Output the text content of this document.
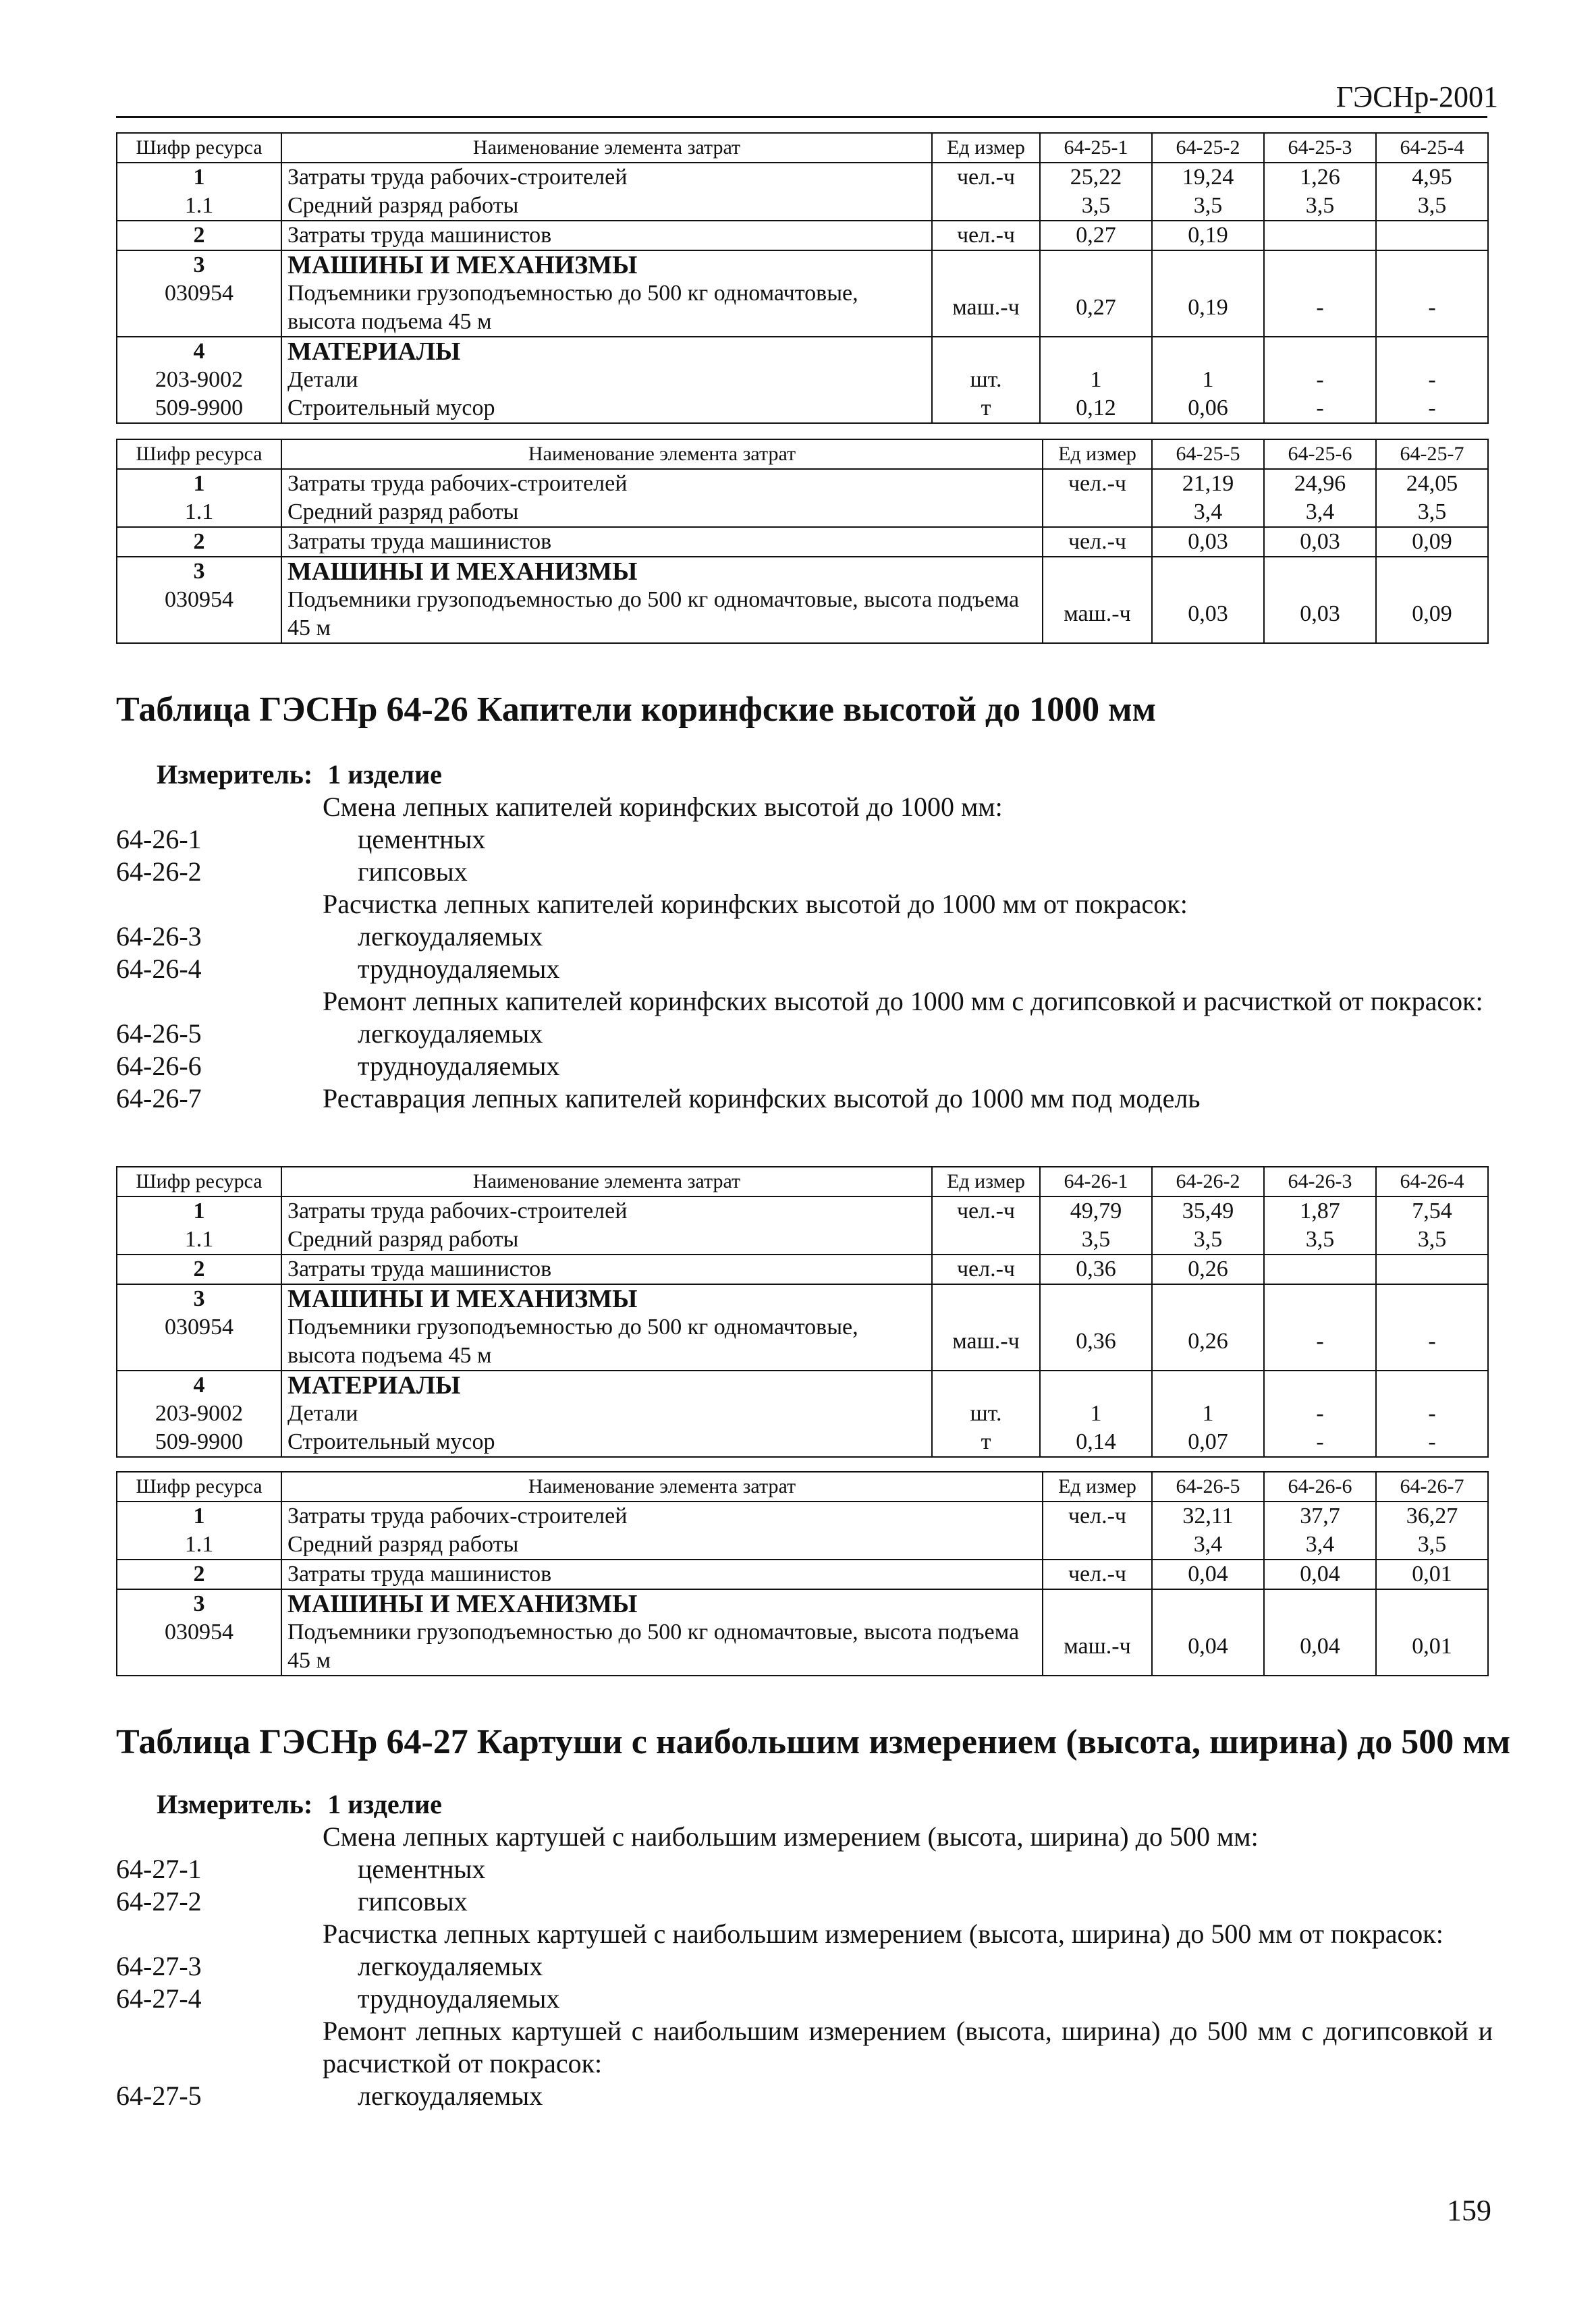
ГЭСНр-2001
Шифр ресурса	Наименование элемента затрат	Ед измер	64-25-1	64-25-2	64-25-3	64-25-4
1	Затраты труда рабочих-строителей	чел.-ч	25,22	19,24	1,26	4,95
1.1	Средний разряд работы		3,5	3,5	3,5	3,5
2	Затраты труда машинистов	чел.-ч	0,27	0,19		
3	МАШИНЫ И МЕХАНИЗМЫ					
030954	Подъемники грузоподъемностью до 500 кг одномачтовые, высота подъема 45 м	маш.-ч	0,27	0,19	-	-
4	МАТЕРИАЛЫ					
203-9002	Детали	шт.	1	1	-	-
509-9900	Строительный мусор	т	0,12	0,06	-	-
Шифр ресурса	Наименование элемента затрат	Ед измер	64-25-5	64-25-6	64-25-7
1	Затраты труда рабочих-строителей	чел.-ч	21,19	24,96	24,05
1.1	Средний разряд работы		3,4	3,4	3,5
2	Затраты труда машинистов	чел.-ч	0,03	0,03	0,09
3	МАШИНЫ И МЕХАНИЗМЫ				
030954	Подъемники грузоподъемностью до 500 кг одномачтовые, высота подъема 45 м	маш.-ч	0,03	0,03	0,09
Таблица ГЭСНр 64-26 Капители коринфские высотой до 1000 мм
Измеритель: 1 изделие
Смена лепных капителей коринфских высотой до 1000 мм:
64-26-1	цементных
64-26-2	гипсовых
Расчистка лепных капителей коринфских высотой до 1000 мм от покрасок:
64-26-3	легкоудаляемых
64-26-4	трудноудаляемых
Ремонт лепных капителей коринфских высотой до 1000 мм с догипсовкой и расчисткой от покрасок:
64-26-5	легкоудаляемых
64-26-6	трудноудаляемых
64-26-7	Реставрация лепных капителей коринфских высотой до 1000 мм под модель
Шифр ресурса	Наименование элемента затрат	Ед измер	64-26-1	64-26-2	64-26-3	64-26-4
1	Затраты труда рабочих-строителей	чел.-ч	49,79	35,49	1,87	7,54
1.1	Средний разряд работы		3,5	3,5	3,5	3,5
2	Затраты труда машинистов	чел.-ч	0,36	0,26		
3	МАШИНЫ И МЕХАНИЗМЫ					
030954	Подъемники грузоподъемностью до 500 кг одномачтовые, высота подъема 45 м	маш.-ч	0,36	0,26	-	-
4	МАТЕРИАЛЫ					
203-9002	Детали	шт.	1	1	-	-
509-9900	Строительный мусор	т	0,14	0,07	-	-
Шифр ресурса	Наименование элемента затрат	Ед измер	64-26-5	64-26-6	64-26-7
1	Затраты труда рабочих-строителей	чел.-ч	32,11	37,7	36,27
1.1	Средний разряд работы		3,4	3,4	3,5
2	Затраты труда машинистов	чел.-ч	0,04	0,04	0,01
3	МАШИНЫ И МЕХАНИЗМЫ				
030954	Подъемники грузоподъемностью до 500 кг одномачтовые, высота подъема 45 м	маш.-ч	0,04	0,04	0,01
Таблица ГЭСНр 64-27 Картуши с наибольшим измерением (высота, ширина) до 500 мм
Измеритель: 1 изделие
Смена лепных картушей с наибольшим измерением (высота, ширина) до 500 мм:
64-27-1	цементных
64-27-2	гипсовых
Расчистка лепных картушей с наибольшим измерением (высота, ширина) до 500 мм от покрасок:
64-27-3	легкоудаляемых
64-27-4	трудноудаляемых
Ремонт лепных картушей с наибольшим измерением (высота, ширина) до 500 мм с догипсовкой и расчисткой от покрасок:
64-27-5	легкоудаляемых
159
